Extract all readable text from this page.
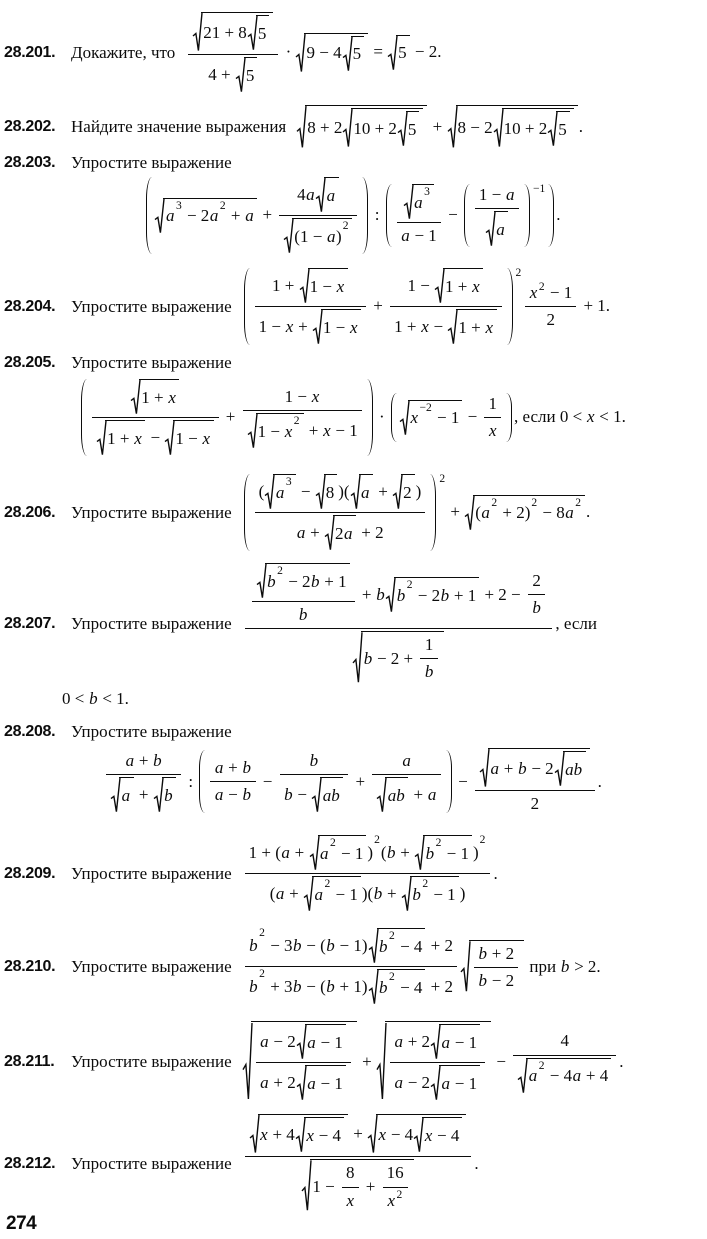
28.201. Докажите, что $\frac{21 + 8 5}{4 + 5} \cdot 9 - 4$ 5 = 5 − 2.
28.202. Найдите значение выражения 8 + 2 10 + 2 5 + 8 − 2 10 + 2 5 .
28.203. Упростите выражение
a
3
− 2a
2
+ a + 4a a
(1 − a)
2 : a
3
$a - 1 - \frac{1 - a}{a} -1$
.
28.204. Упростите выражение $\frac{1 + 1 - x}{1 - x + 1 - x} + \frac{1 - 1 + x}{1 + x - 1 + x} 2$
$\frac{x 2 - 1}{2} + 1$.
28.205. Упростите выражение
$\frac{1 + x}{1 + x - 1 - x} + 1 - x$
1 − x
2
+ x − 1 · x
−2
− $1 - \frac{1}{x}$ , если 0 < x < 1.
28.206. Упростите выражение ( a
3
− 8 )( a + 2 )
a + 2a + 2 2
+ (a
2
+ 2)
2
− 8a
2
.
28.207. Упростите выражение b
2
− 2b + 1
b + b b
2
− $2b + 1 + 2 - \frac{2}{b}$
$b - 2 + \frac{1}{b}$ , если
0 < b < 1.
28.208. Упростите выражение
$\frac{a + b}{a + b}$ : $\frac{a + b}{a - b} - \frac{b}{b - ab} + \frac{a}{ab + a} - \frac{a + b - 2 ab}{2}$ .
28.209. Упростите выражение 1 + (a + a
2
− 1 )
2
(b + b
2
− 1 )
2
(a + a
2
− 1 )(b + b
2
− 1 ) .
28.210. Упростите выражение b
2
− 3b − (b − 1) b
2
− 4 + 2
b
2
+ 3b − (b + 1) b
2
− $4 + 2 \frac{b + 2}{b - 2}$ при b > 2.
28.211. Упростите выражение $\frac{a - 2 a - 1}{a + 2 a - 1} + \frac{a + 2 a - 1}{a - 2 a - 1} - 4$
a
2
− 4a + 4 .
28.212. Упростите выражение $\frac{x + 4 x - 4 + x - 4 x - 4}{1 - \frac{8}{x} + \frac{16}{x 2}}$ .
274
